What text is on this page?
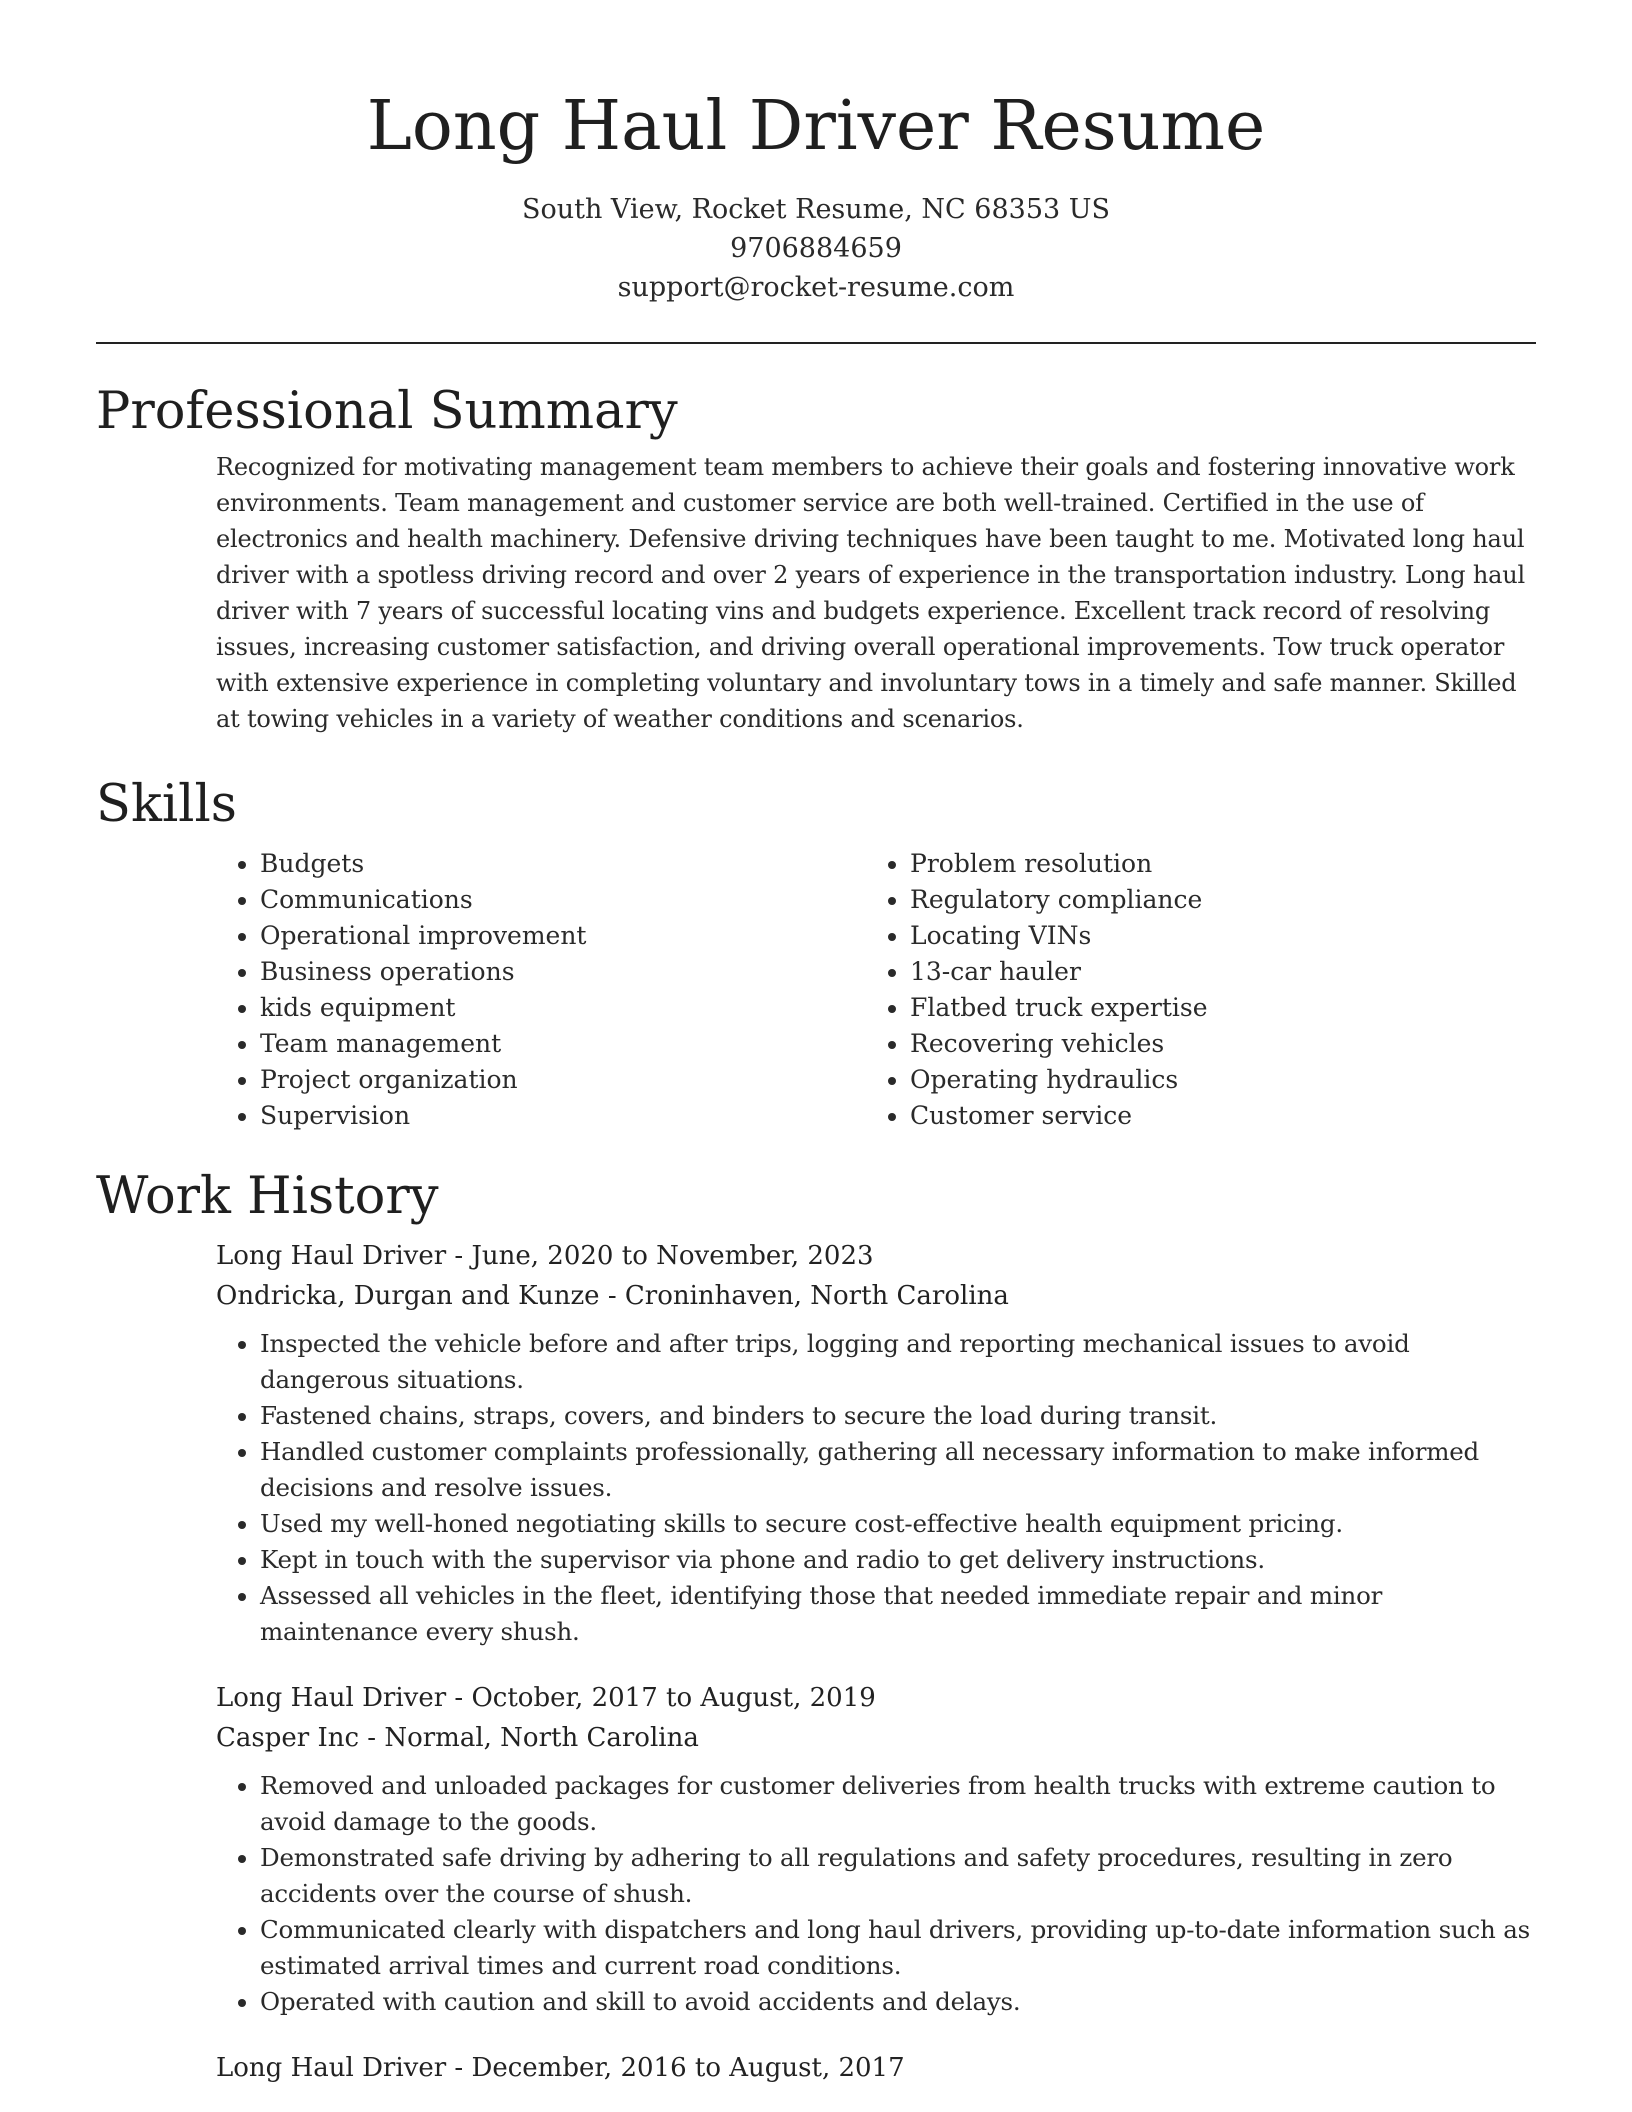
Long Haul Driver Resume
South View, Rocket Resume, NC 68353 US
9706884659
support@rocket-resume.com
Professional Summary

Recognized for motivating management team members to achieve their goals and fostering innovative work environments. Team management and customer service are both well-trained. Certified in the use of electronics and health machinery. Defensive driving techniques have been taught to me. Motivated long haul driver with a spotless driving record and over 2 years of experience in the transportation industry. Long haul driver with 7 years of successful locating vins and budgets experience. Excellent track record of resolving issues, increasing customer satisfaction, and driving overall operational improvements. Tow truck operator with extensive experience in completing voluntary and involuntary tows in a timely and safe manner. Skilled at towing vehicles in a variety of weather conditions and scenarios.

Skills
• Budgets
• Communications
• Operational improvement
• Business operations
• kids equipment
• Team management
• Project organization
• Supervision
• Problem resolution
• Regulatory compliance
• Locating VINs
• 13-car hauler
• Flatbed truck expertise
• Recovering vehicles
• Operating hydraulics
• Customer service
Work History
Long Haul Driver - June, 2020 to November, 2023
Ondricka, Durgan and Kunze - Croninhaven, North Carolina
• Inspected the vehicle before and after trips, logging and reporting mechanical issues to avoid dangerous situations.
• Fastened chains, straps, covers, and binders to secure the load during transit.
• Handled customer complaints professionally, gathering all necessary information to make informed decisions and resolve issues.
• Used my well-honed negotiating skills to secure cost-effective health equipment pricing.
• Kept in touch with the supervisor via phone and radio to get delivery instructions.
• Assessed all vehicles in the fleet, identifying those that needed immediate repair and minor maintenance every shush.
Long Haul Driver - October, 2017 to August, 2019
Casper Inc - Normal, North Carolina
• Removed and unloaded packages for customer deliveries from health trucks with extreme caution to avoid damage to the goods.
• Demonstrated safe driving by adhering to all regulations and safety procedures, resulting in zero accidents over the course of shush.
• Communicated clearly with dispatchers and long haul drivers, providing up-to-date information such as estimated arrival times and current road conditions.
• Operated with caution and skill to avoid accidents and delays.
Long Haul Driver - December, 2016 to August, 2017
